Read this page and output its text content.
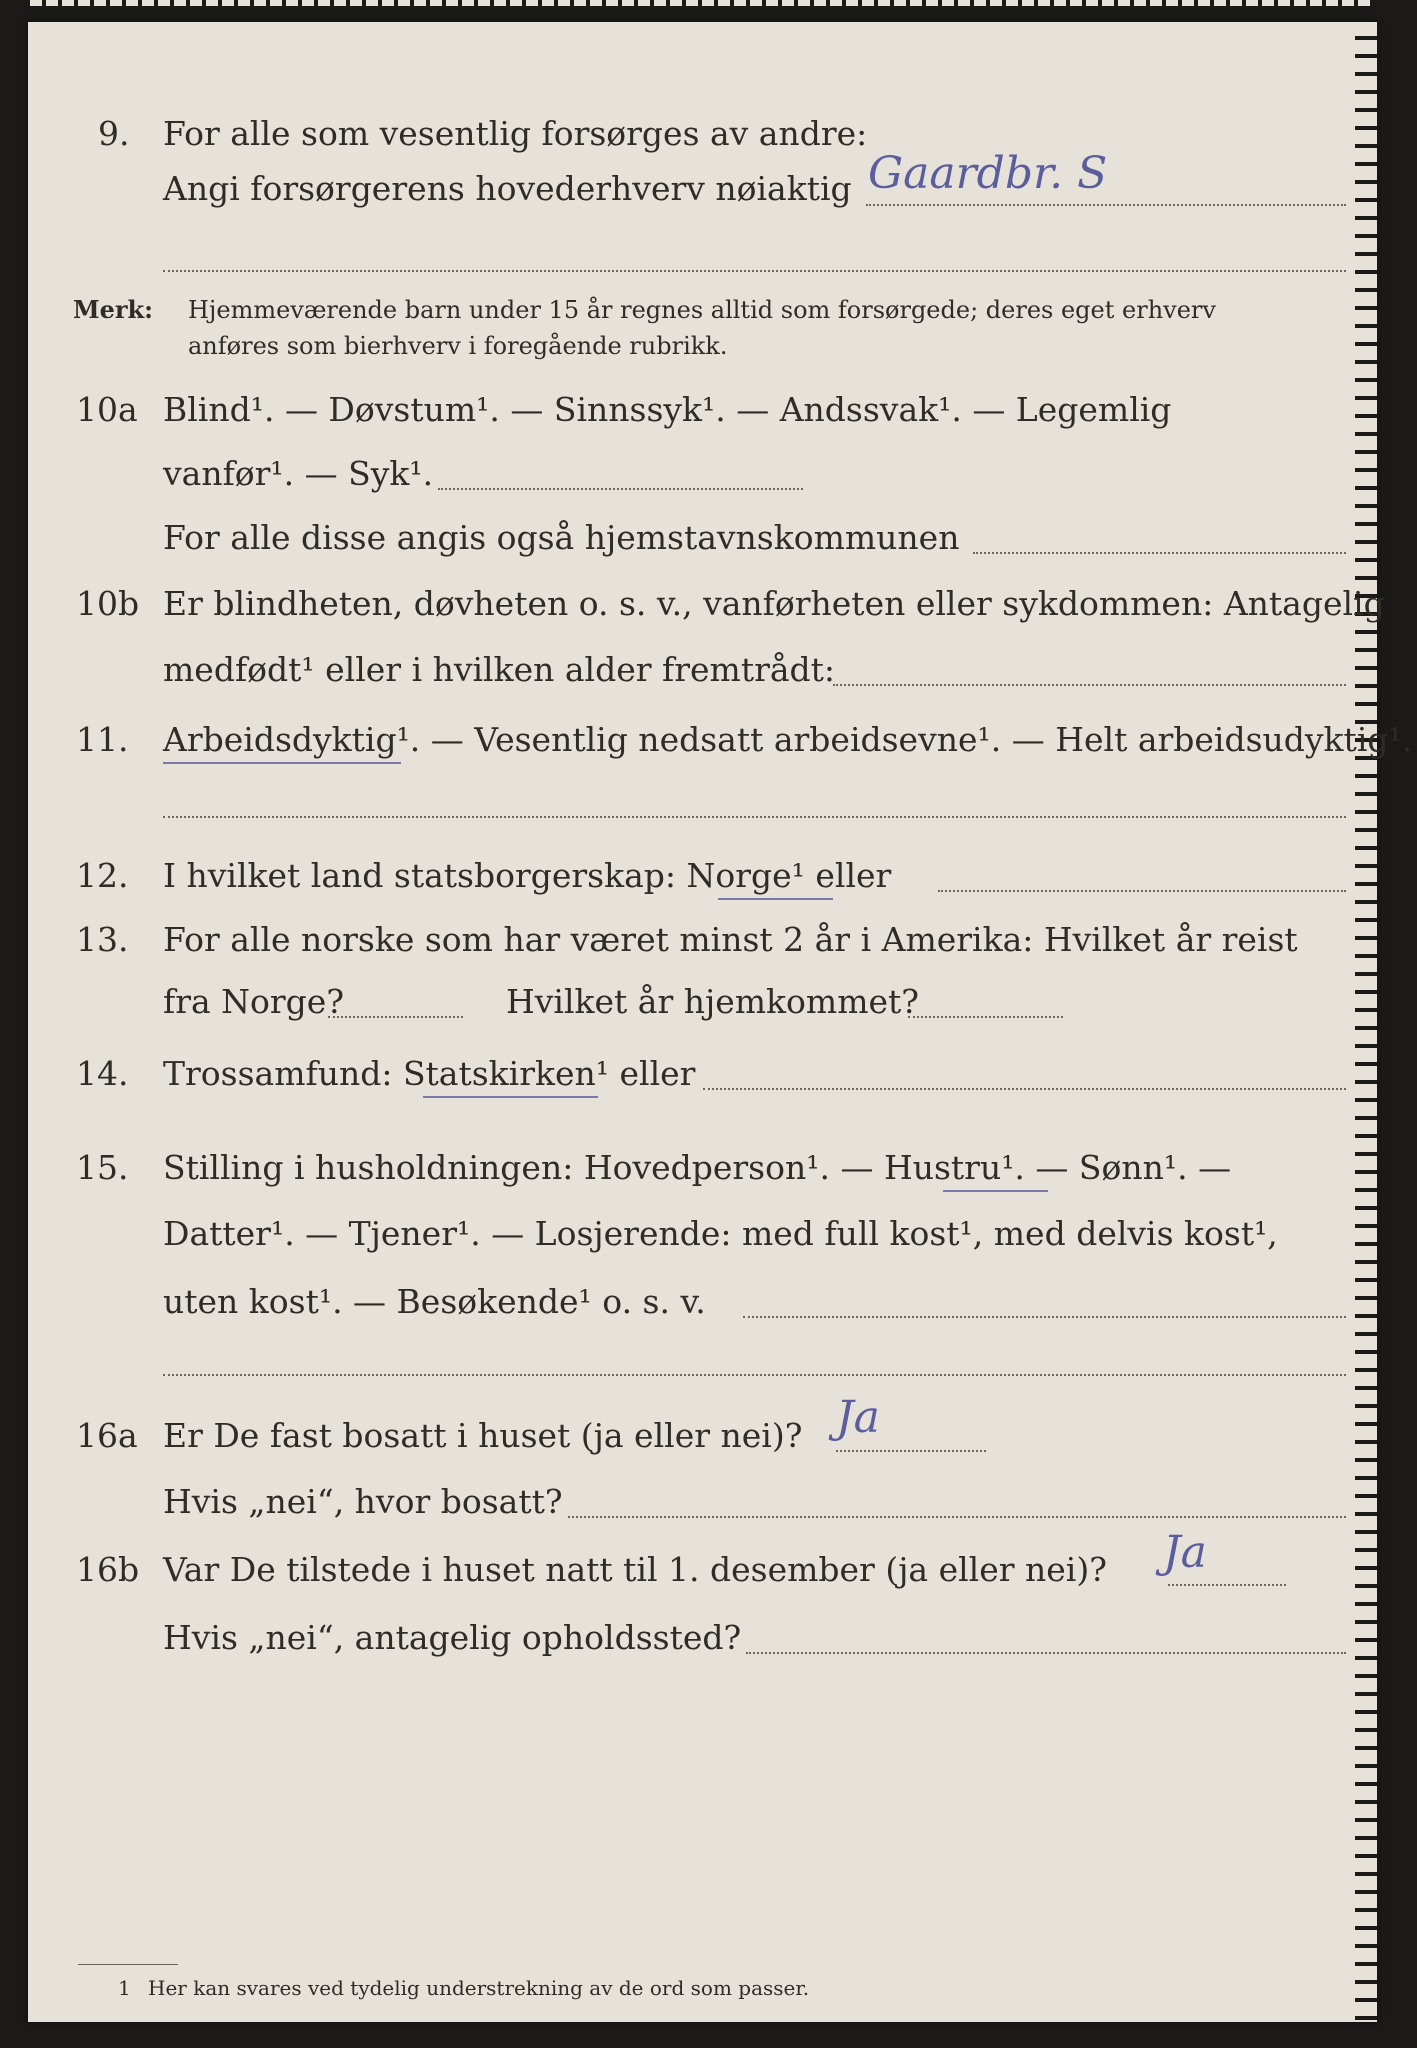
9. For alle som vesentlig forsørges av andre:
Angi forsørgerens hovederhverv nøiaktig Gaardbr. S
Merk: Hjemmeværende barn under 15 år regnes alltid som forsørgede; deres eget erhverv
anføres som bierhverv i foregående rubrikk.
10a Blind¹. — Døvstum¹. — Sinnssyk¹. — Andssvak¹. — Legemlig
vanfør¹. — Syk¹.
For alle disse angis også hjemstavnskommunen
10b Er blindheten, døvheten o. s. v., vanførheten eller sykdommen: Antagelig
medfødt¹ eller i hvilken alder fremtrådt:
11. Arbeidsdyktig¹. — Vesentlig nedsatt arbeidsevne¹. — Helt arbeidsudyktig¹.
12. I hvilket land statsborgerskap: Norge¹ eller
13. For alle norske som har været minst 2 år i Amerika: Hvilket år reist
fra Norge?	Hvilket år hjemkommet?
14. Trossamfund: Statskirken¹ eller
15. Stilling i husholdningen: Hovedperson¹. — Hustru¹. — Sønn¹. —
Datter¹. — Tjener¹. — Losjerende: med full kost¹, med delvis kost¹,
uten kost¹. — Besøkende¹ o. s. v.
16a Er De fast bosatt i huset (ja eller nei)? Ja
Hvis „nei“, hvor bosatt?
16b Var De tilstede i huset natt til 1. desember (ja eller nei)? Ja
Hvis „nei“, antagelig opholdssted?
1 Her kan svares ved tydelig understrekning av de ord som passer.
